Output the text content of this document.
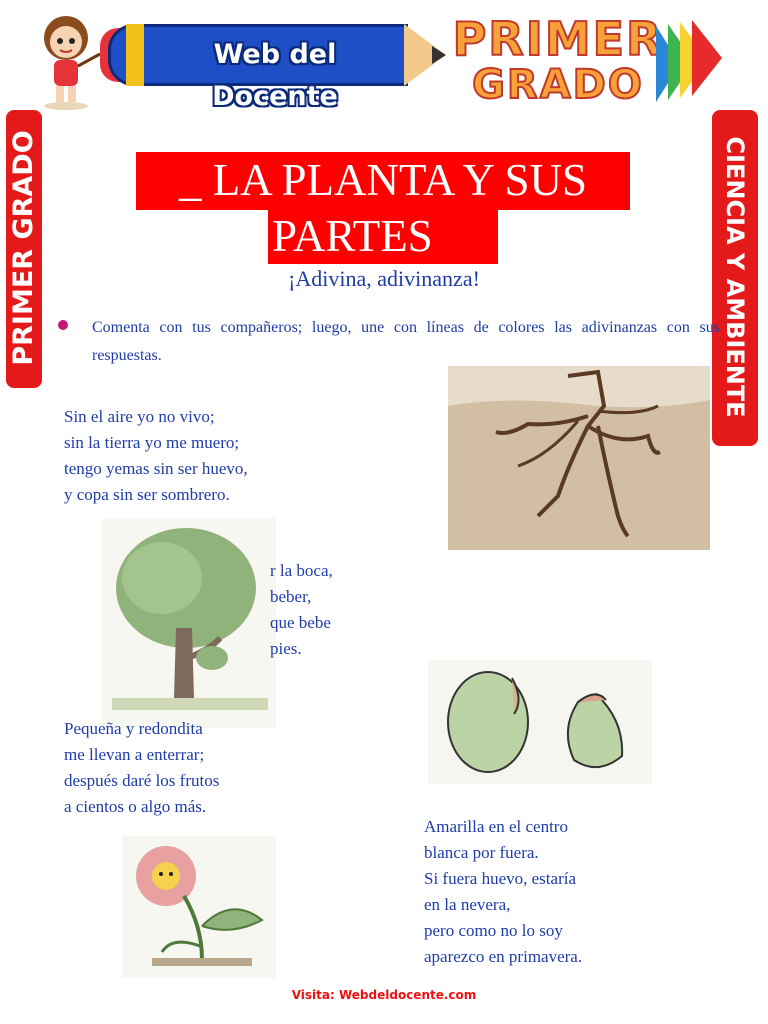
Web del Docente
PRIMER
GRADO
PRIMER GRADO	CIENCIA Y AMBIENTE
_ LA PLANTA Y SUS
PARTES
¡Adivina, adivinanza!
Comenta con tus compañeros; luego, une con líneas de colores las adivinanzas con sus respuestas.
Sin el aire yo no vivo;
sin la tierra yo me muero;
tengo yemas sin ser huevo,
y copa sin ser sombrero.
r la boca,
beber,
que bebe
pies.
Pequeña y redondita
me llevan a enterrar;
después daré los frutos
a cientos o algo más.
Amarilla en el centro
blanca por fuera.
Si fuera huevo, estaría
en la nevera,
pero como no lo soy
aparezco en primavera.
Visita: Webdeldocente.com
